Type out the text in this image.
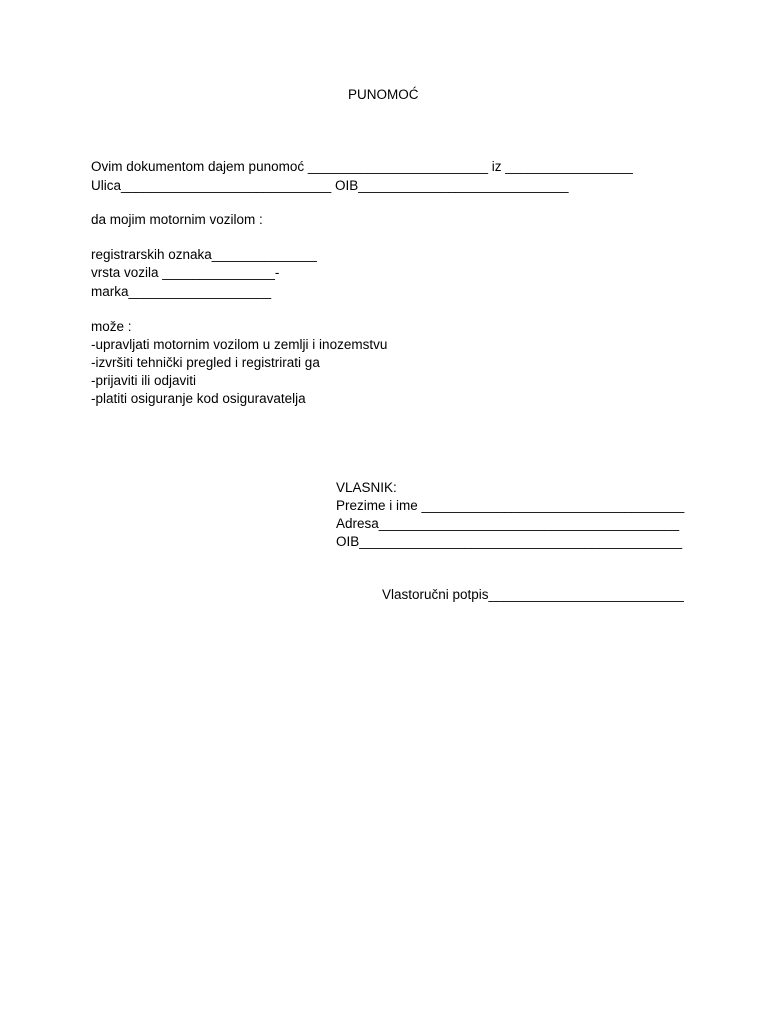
PUNOMOĆ
Ovim dokumentom dajem punomoć ________________________ iz _________________
Ulica____________________________ OIB____________________________
da mojim motornim vozilom :
registrarskih oznaka______________
vrsta vozila _______________-
marka___________________
može :
-upravljati motornim vozilom u zemlji i inozemstvu
-izvršiti tehnički pregled i registrirati ga
-prijaviti ili odjaviti
-platiti osiguranje kod osiguravatelja
VLASNIK:
Prezime i ime ___________________________________
Adresa________________________________________
OIB___________________________________________
Vlastoručni potpis__________________________
